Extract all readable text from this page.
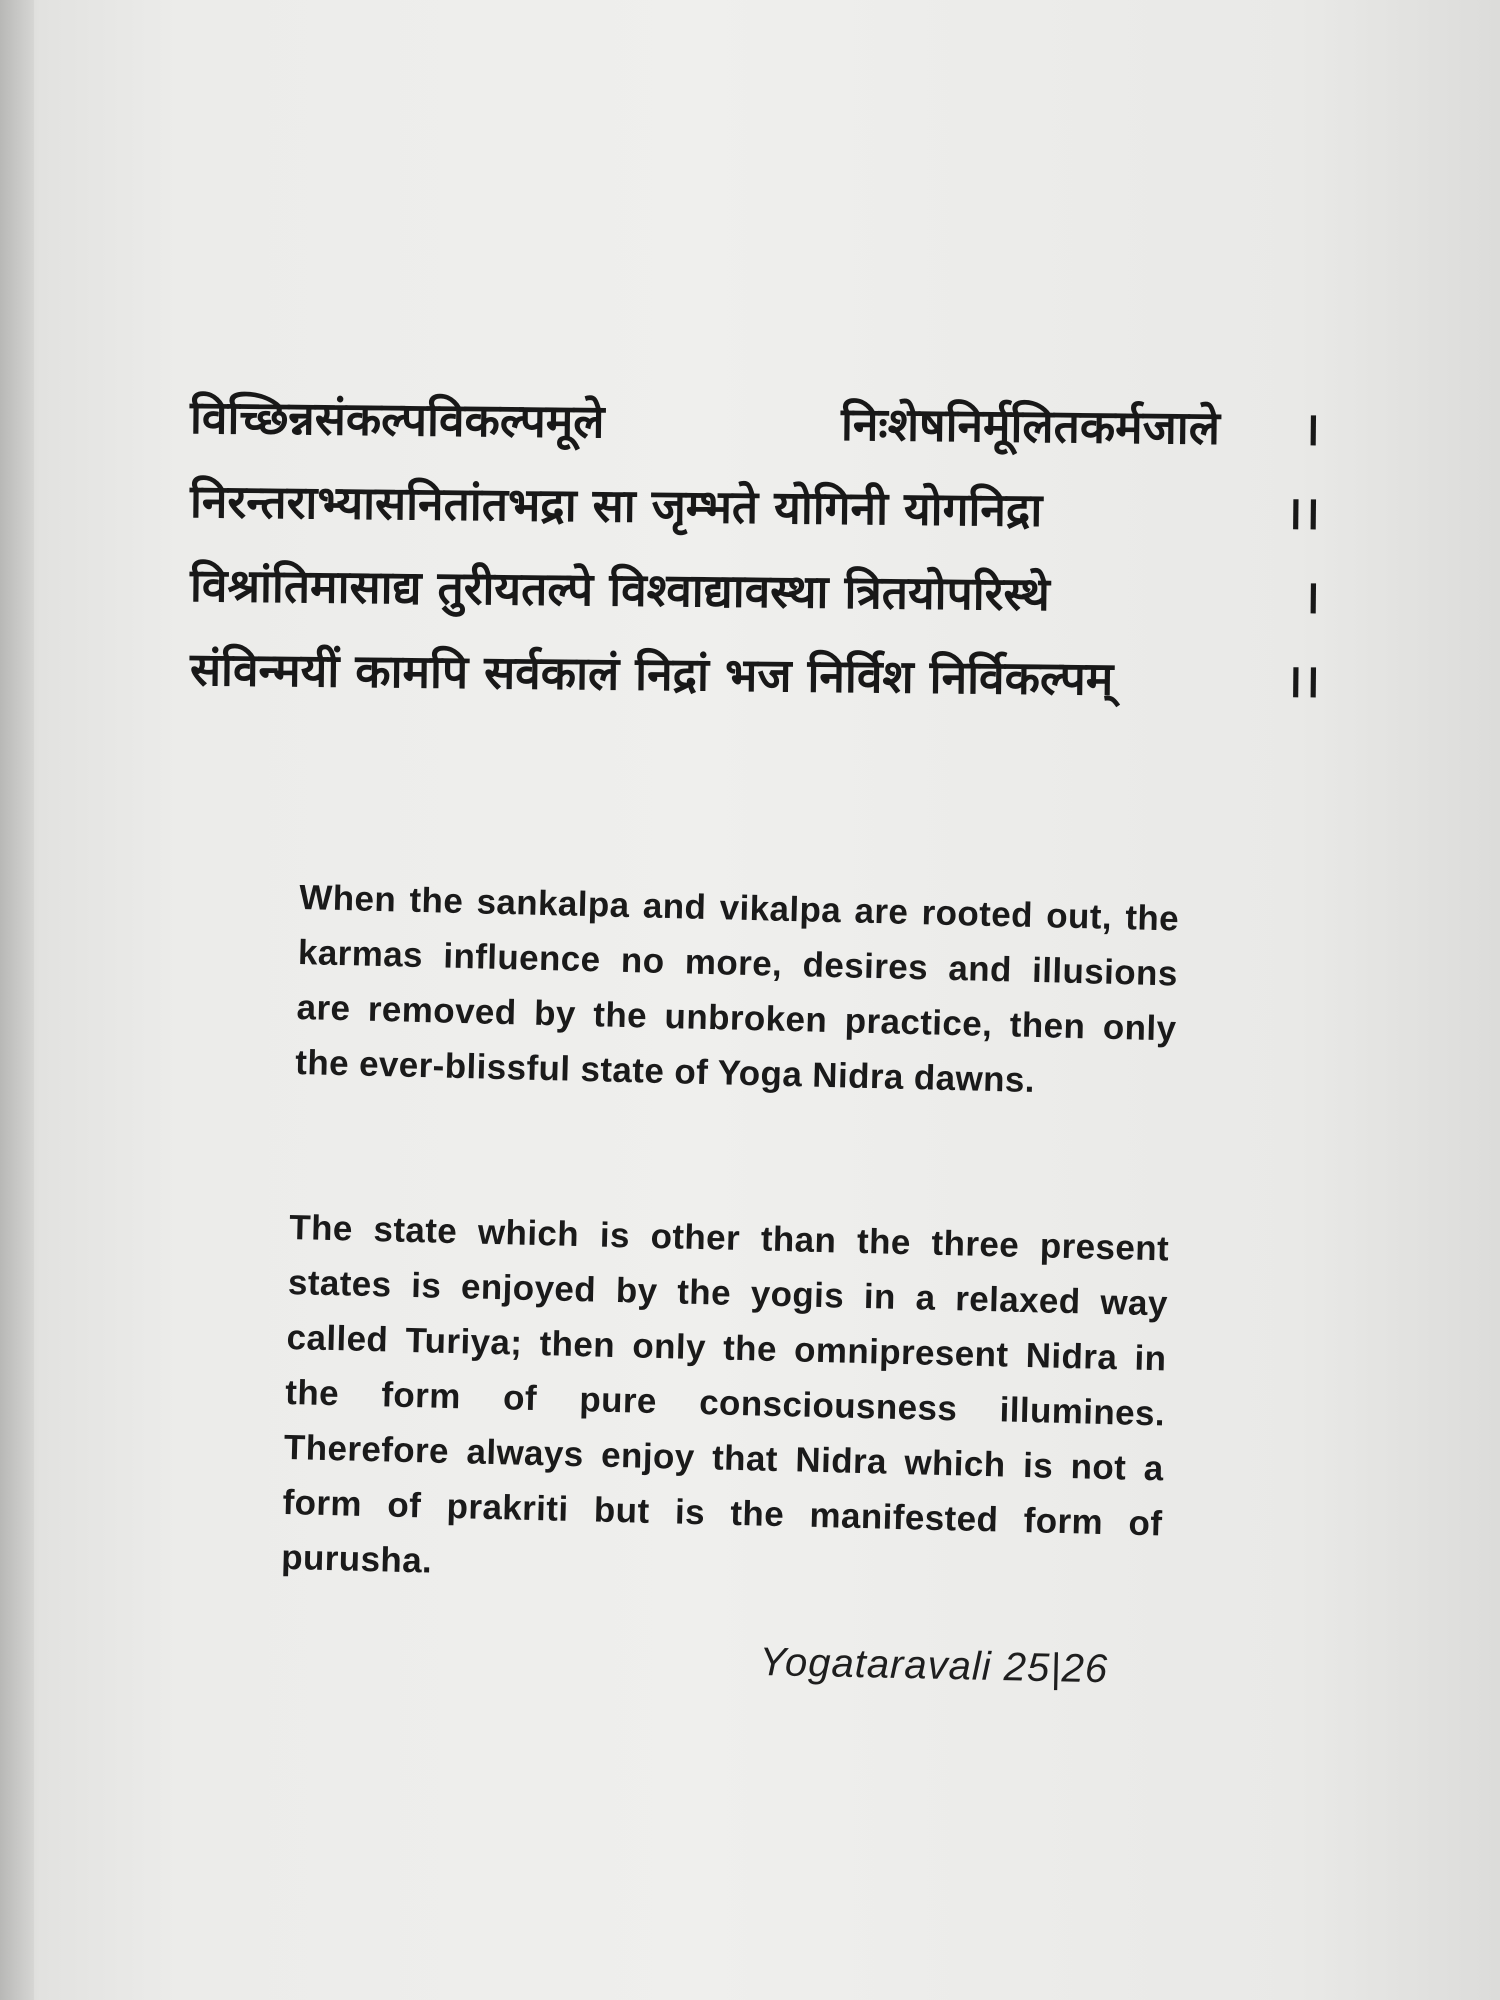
विच्छिन्नसंकल्पविकल्पमूले	निःशेषनिर्मूलितकर्मजाले	।
निरन्तराभ्यासनितांतभद्रा सा जृम्भते योगिनी योगनिद्रा	।।
विश्रांतिमासाद्य तुरीयतल्पे विश्वाद्यावस्था त्रितयोपरिस्थे	।
संविन्मयीं कामपि सर्वकालं निद्रां भज निर्विश निर्विकल्पम्	।।

When the sankalpa and vikalpa are rooted out, the karmas influence no more, desires and illusions are removed by the unbroken practice, then only the ever-blissful state of Yoga Nidra dawns.

The state which is other than the three present states is enjoyed by the yogis in a relaxed way called Turiya; then only the omnipresent Nidra in the form of pure consciousness illumines. Therefore always enjoy that Nidra which is not a form of prakriti but is the manifested form of purusha.

Yogataravali 25|26
